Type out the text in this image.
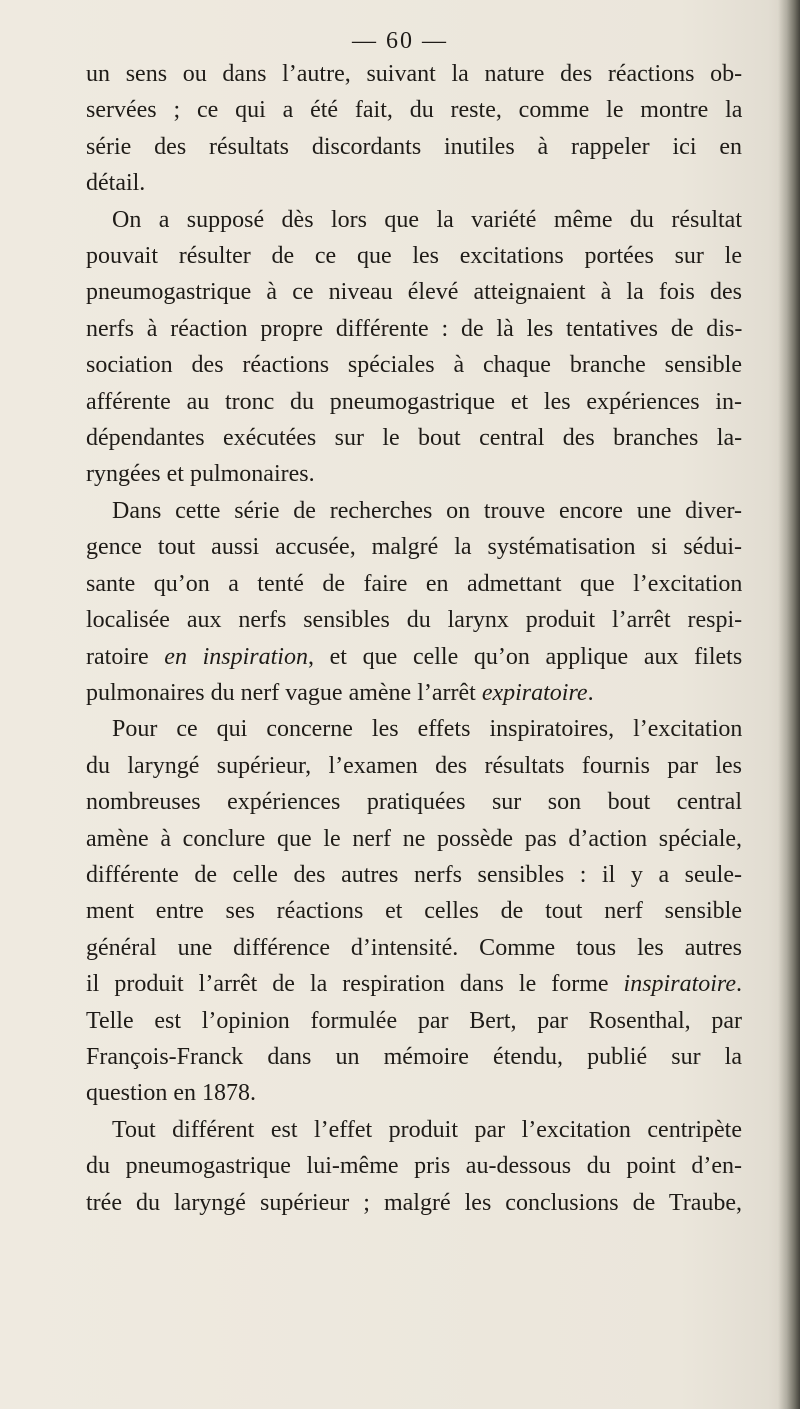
— 60 —
un sens ou dans l’autre, suivant la nature des réactions ob-
servées ; ce qui a été fait, du reste, comme le montre la
série des résultats discordants inutiles à rappeler ici en
détail.
On a supposé dès lors que la variété même du résultat
pouvait résulter de ce que les excitations portées sur le
pneumogastrique à ce niveau élevé atteignaient à la fois des
nerfs à réaction propre différente : de là les tentatives de dis-
sociation des réactions spéciales à chaque branche sensible
afférente au tronc du pneumogastrique et les expériences in-
dépendantes exécutées sur le bout central des branches la-
ryngées et pulmonaires.
Dans cette série de recherches on trouve encore une diver-
gence tout aussi accusée, malgré la systématisation si sédui-
sante qu’on a tenté de faire en admettant que l’excitation
localisée aux nerfs sensibles du larynx produit l’arrêt respi-
ratoire en inspiration, et que celle qu’on applique aux filets
pulmonaires du nerf vague amène l’arrêt expiratoire.
Pour ce qui concerne les effets inspiratoires, l’excitation
du laryngé supérieur, l’examen des résultats fournis par les
nombreuses expériences pratiquées sur son bout central
amène à conclure que le nerf ne possède pas d’action spéciale,
différente de celle des autres nerfs sensibles : il y a seule-
ment entre ses réactions et celles de tout nerf sensible
général une différence d’intensité. Comme tous les autres
il produit l’arrêt de la respiration dans le forme inspiratoire.
Telle est l’opinion formulée par Bert, par Rosenthal, par
François-Franck dans un mémoire étendu, publié sur la
question en 1878.
Tout différent est l’effet produit par l’excitation centripète
du pneumogastrique lui-même pris au-dessous du point d’en-
trée du laryngé supérieur ; malgré les conclusions de Traube,
